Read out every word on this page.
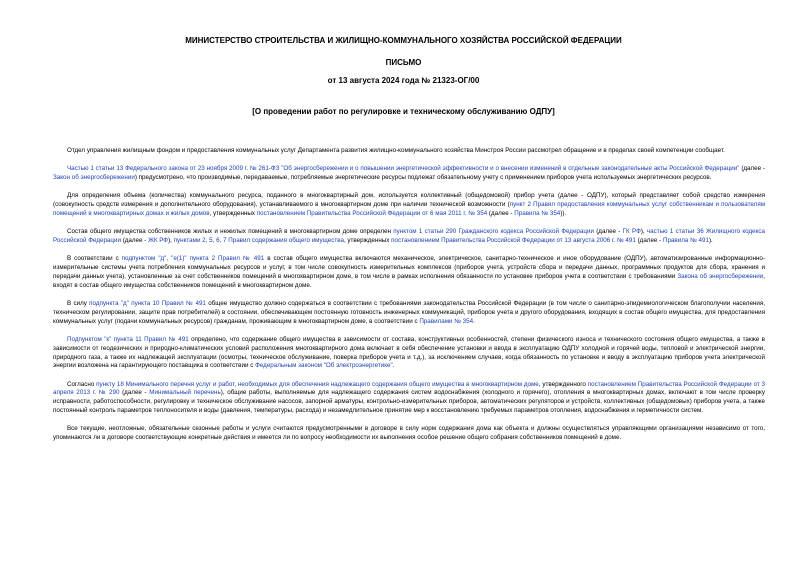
МИНИСТЕРСТВО СТРОИТЕЛЬСТВА И ЖИЛИЩНО-КОММУНАЛЬНОГО ХОЗЯЙСТВА РОССИЙСКОЙ ФЕДЕРАЦИИ
ПИСЬМО
от 13 августа 2024 года № 21323-ОГ/00
[О проведении работ по регулировке и техническому обслуживанию ОДПУ]

Отдел управления жилищным фондом и предоставления коммунальных услуг Департамента развития жилищно-коммунального хозяйства Минстроя России рассмотрел обращение и в пределах своей компетенции сообщает.

Частью 1 статьи 13 Федерального закона от 23 ноября 2009 г. № 261-ФЗ "Об энергосбережении и о повышении энергетической эффективности и о внесении изменений в отдельные законодательные акты Российской Федерации" (далее - Закон об энергосбережении) предусмотрено, что производимые, передаваемые, потребляемые энергетические ресурсы подлежат обязательному учету с применением приборов учета используемых энергетических ресурсов.

Для определения объема (количества) коммунального ресурса, поданного в многоквартирный дом, используется коллективный (общедомовой) прибор учета (далее - ОДПУ), который представляет собой средство измерения (совокупность средств измерения и дополнительного оборудования), устанавливаемого в многоквартирном доме при наличии технической возможности (пункт 2 Правил предоставления коммунальных услуг собственникам и пользователям помещений в многоквартирных домах и жилых домов, утвержденных постановлением Правительства Российской Федерации от 6 мая 2011 г. № 354 (далее - Правила № 354)).

Состав общего имущества собственников жилых и нежилых помещений в многоквартирном доме определен пунктом 1 статьи 290 Гражданского кодекса Российской Федерации (далее - ГК РФ), частью 1 статьи 36 Жилищного кодекса Российской Федерации (далее - ЖК РФ), пунктами 2, 5, 6, 7 Правил содержания общего имущества, утвержденных постановлением Правительства Российской Федерации от 13 августа 2006 г. № 491 (далее - Правила № 491).

В соответствии с подпунктом "д", "е(1)" пункта 2 Правил № 491 в состав общего имущества включаются механическое, электрическое, санитарно-техническое и иное оборудование (ОДПУ), автоматизированные информационно-измерительные системы учета потребления коммунальных ресурсов и услуг, в том числе совокупность измерительных комплексов (приборов учета, устройств сбора и передачи данных, программных продуктов для сбора, хранения и передачи данных учета), установленные за счет собственников помещений в многоквартирном доме, в том числе в рамках исполнения обязанности по установке приборов учета в соответствии с требованиями Закона об энергосбережении, входят в состав общего имущества собственников помещений в многоквартирном доме.

В силу подпункта "д" пункта 10 Правил № 491 общее имущество должно содержаться в соответствии с требованиями законодательства Российской Федерации (в том числе о санитарно-эпидемиологическом благополучии населения, техническом регулировании, защите прав потребителей) в состоянии, обеспечивающем постоянную готовность инженерных коммуникаций, приборов учета и другого оборудования, входящих в состав общего имущества, для предоставления коммунальных услуг (подачи коммунальных ресурсов) гражданам, проживающим в многоквартирном доме, в соответствии с Правилами № 354.

Подпунктом "к" пункта 11 Правил № 491 определено, что содержание общего имущества в зависимости от состава, конструктивных особенностей, степени физического износа и технического состояния общего имущества, а также в зависимости от геодезических и природно-климатических условий расположения многоквартирного дома включает в себя обеспечение установки и ввода в эксплуатацию ОДПУ холодной и горячей воды, тепловой и электрической энергии, природного газа, а также их надлежащей эксплуатации (осмотры, техническое обслуживание, поверка приборов учета и т.д.), за исключением случаев, когда обязанность по установке и вводу в эксплуатацию приборов учета электрической энергии возложена на гарантирующего поставщика в соответствии с Федеральным законом "Об электроэнергетике".

Согласно пункту 18 Минимального перечня услуг и работ, необходимых для обеспечения надлежащего содержания общего имущества в многоквартирном доме, утвержденного постановлением Правительства Российской Федерации от 3 апреля 2013 г. № 290 (далее - Минимальный перечень), общие работы, выполняемые для надлежащего содержания систем водоснабжения (холодного и горячего), отопления в многоквартирных домах, включают в том числе проверку исправности, работоспособности, регулировку и техническое обслуживание насосов, запорной арматуры, контрольно-измерительных приборов, автоматических регуляторов и устройств, коллективных (общедомовых) приборов учета, а также постоянный контроль параметров теплоносителя и воды (давления, температуры, расхода) и незамедлительное принятие мер к восстановлению требуемых параметров отопления, водоснабжения и герметичности систем.

Все текущие, неотложные, обязательные сезонные работы и услуги считаются предусмотренными в договоре в силу норм содержания дома как объекта и должны осуществляться управляющими организациями независимо от того, упоминаются ли в договоре соответствующие конкретные действия и имеется ли по вопросу необходимости их выполнения особое решение общего собрания собственников помещений в доме.
